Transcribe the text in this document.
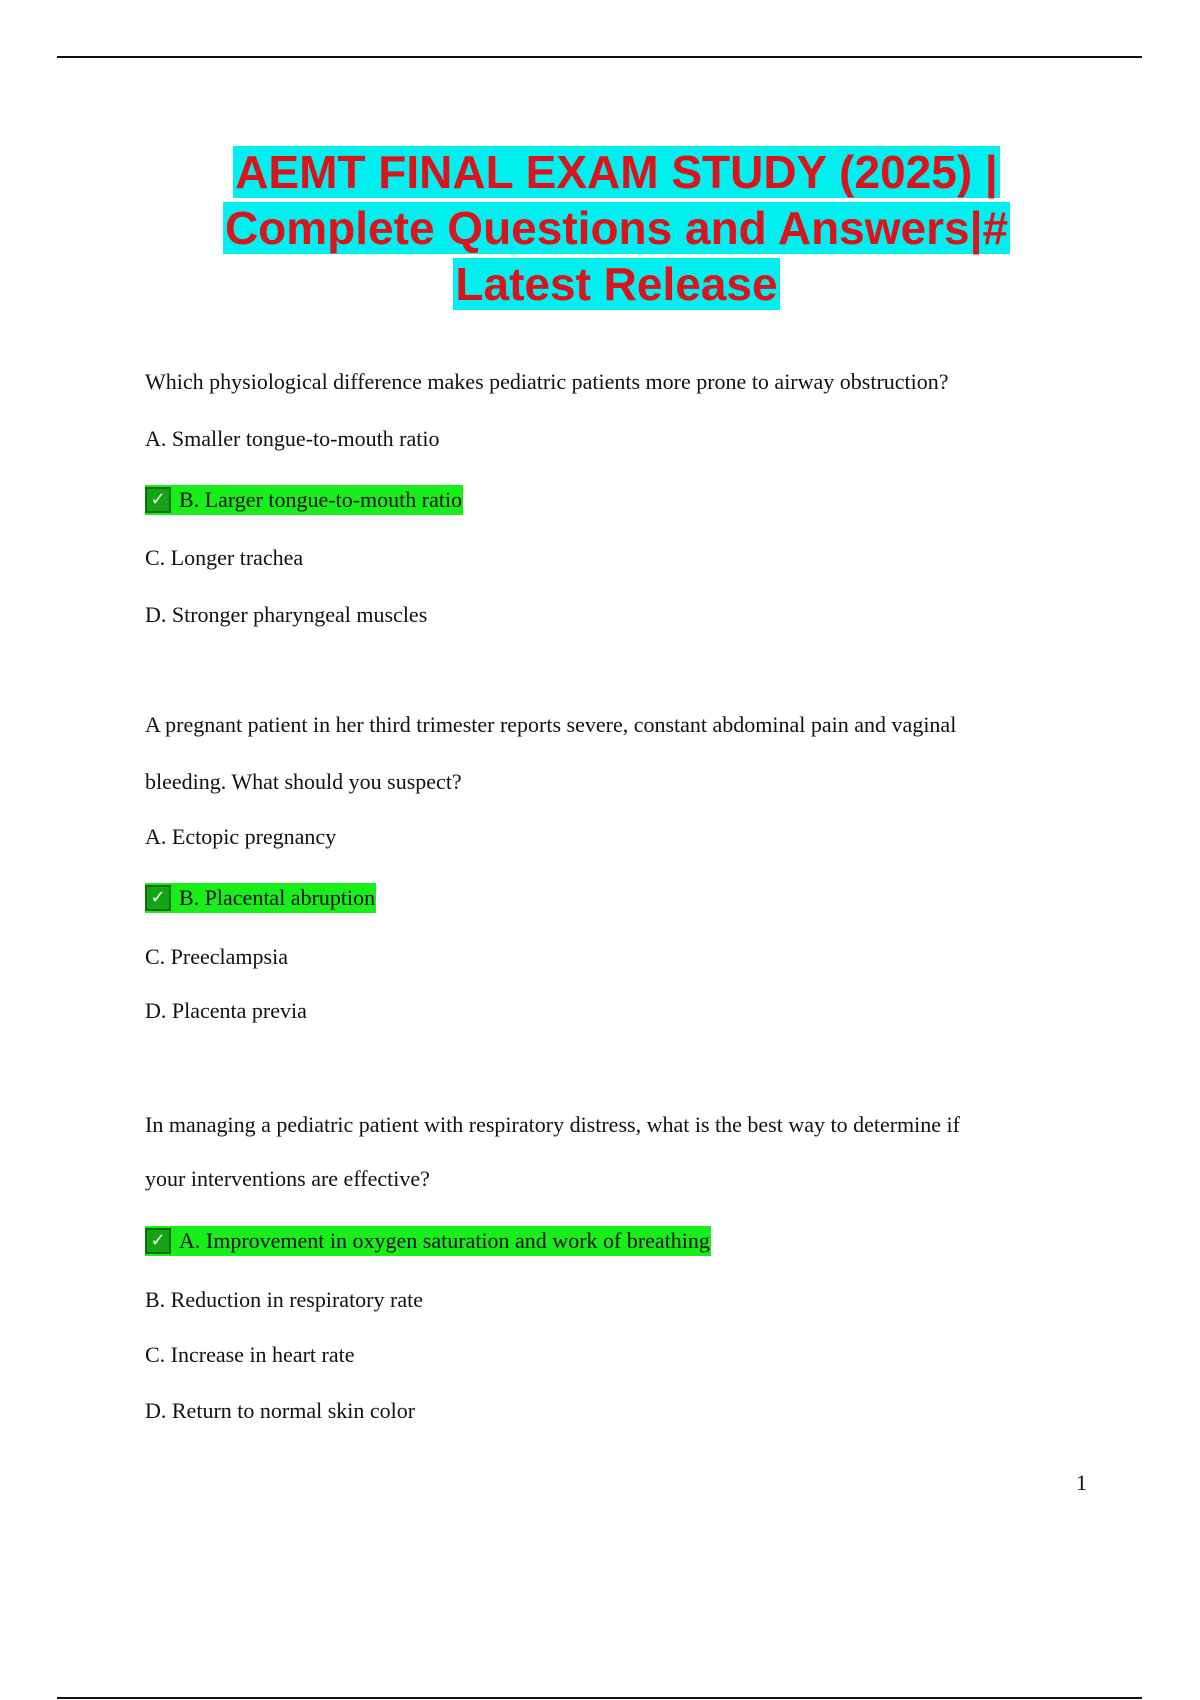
AEMT FINAL EXAM STUDY (2025) |
Complete Questions and Answers|#
Latest Release
Which physiological difference makes pediatric patients more prone to airway obstruction?
A. Smaller tongue-to-mouth ratio
✓ B. Larger tongue-to-mouth ratio
C. Longer trachea
D. Stronger pharyngeal muscles
A pregnant patient in her third trimester reports severe, constant abdominal pain and vaginal
bleeding. What should you suspect?
A. Ectopic pregnancy
✓ B. Placental abruption
C. Preeclampsia
D. Placenta previa
In managing a pediatric patient with respiratory distress, what is the best way to determine if
your interventions are effective?
✓ A. Improvement in oxygen saturation and work of breathing
B. Reduction in respiratory rate
C. Increase in heart rate
D. Return to normal skin color
1
